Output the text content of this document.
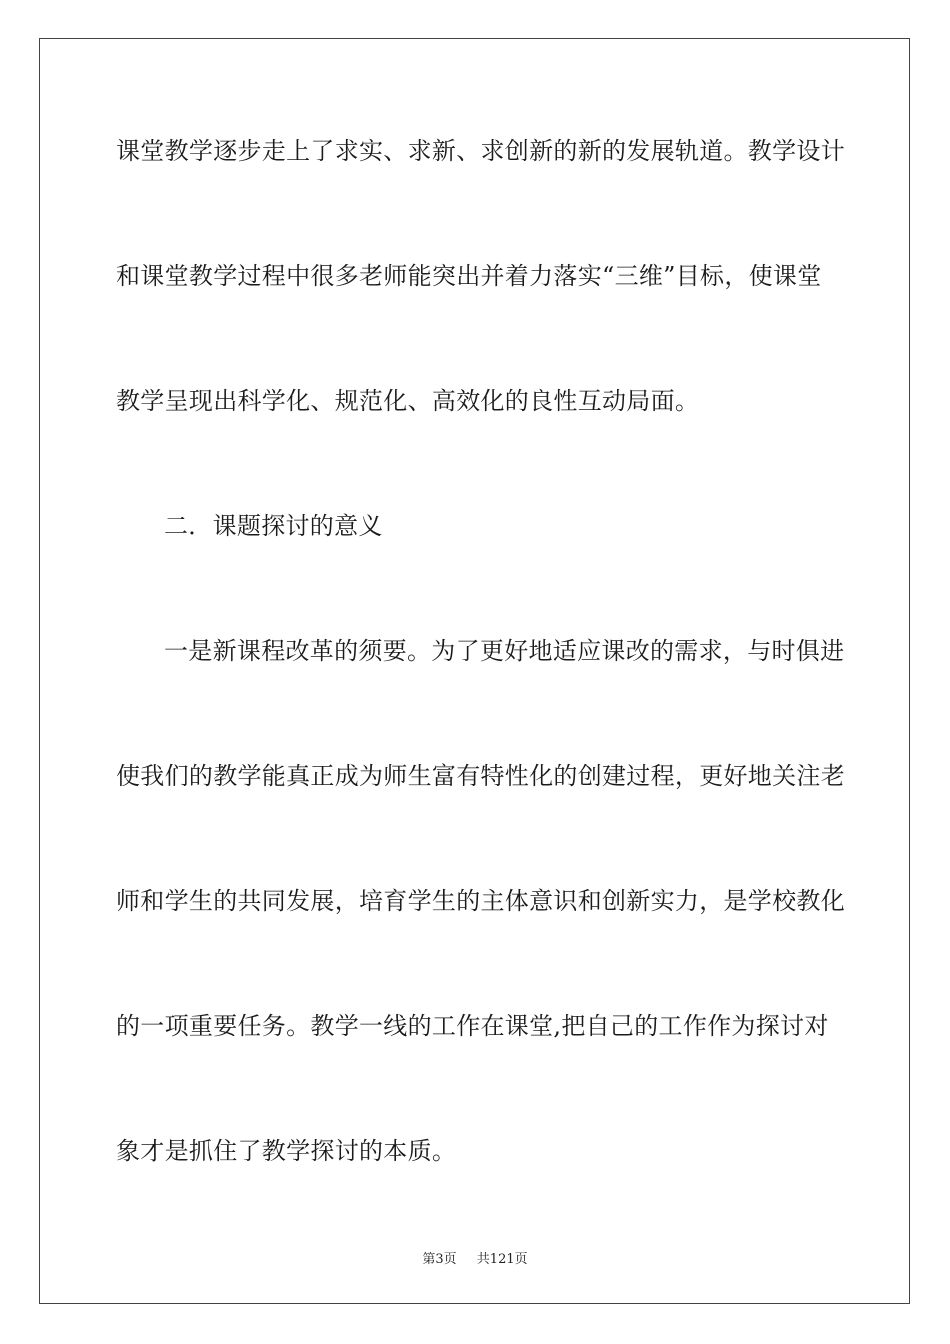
课堂教学逐步走上了求实、求新、求创新的新的发展轨道。教学设计
和课堂教学过程中很多老师能突出并着力落实“三维”目标，使课堂
教学呈现出科学化、规范化、高效化的良性互动局面。
二．课题探讨的意义
一是新课程改革的须要。为了更好地适应课改的需求，与时俱进
使我们的教学能真正成为师生富有特性化的创建过程，更好地关注老
师和学生的共同发展，培育学生的主体意识和创新实力，是学校教化
的一项重要任务。教学一线的工作在课堂,把自己的工作作为探讨对
象才是抓住了教学探讨的本质。
第3页 共121页
